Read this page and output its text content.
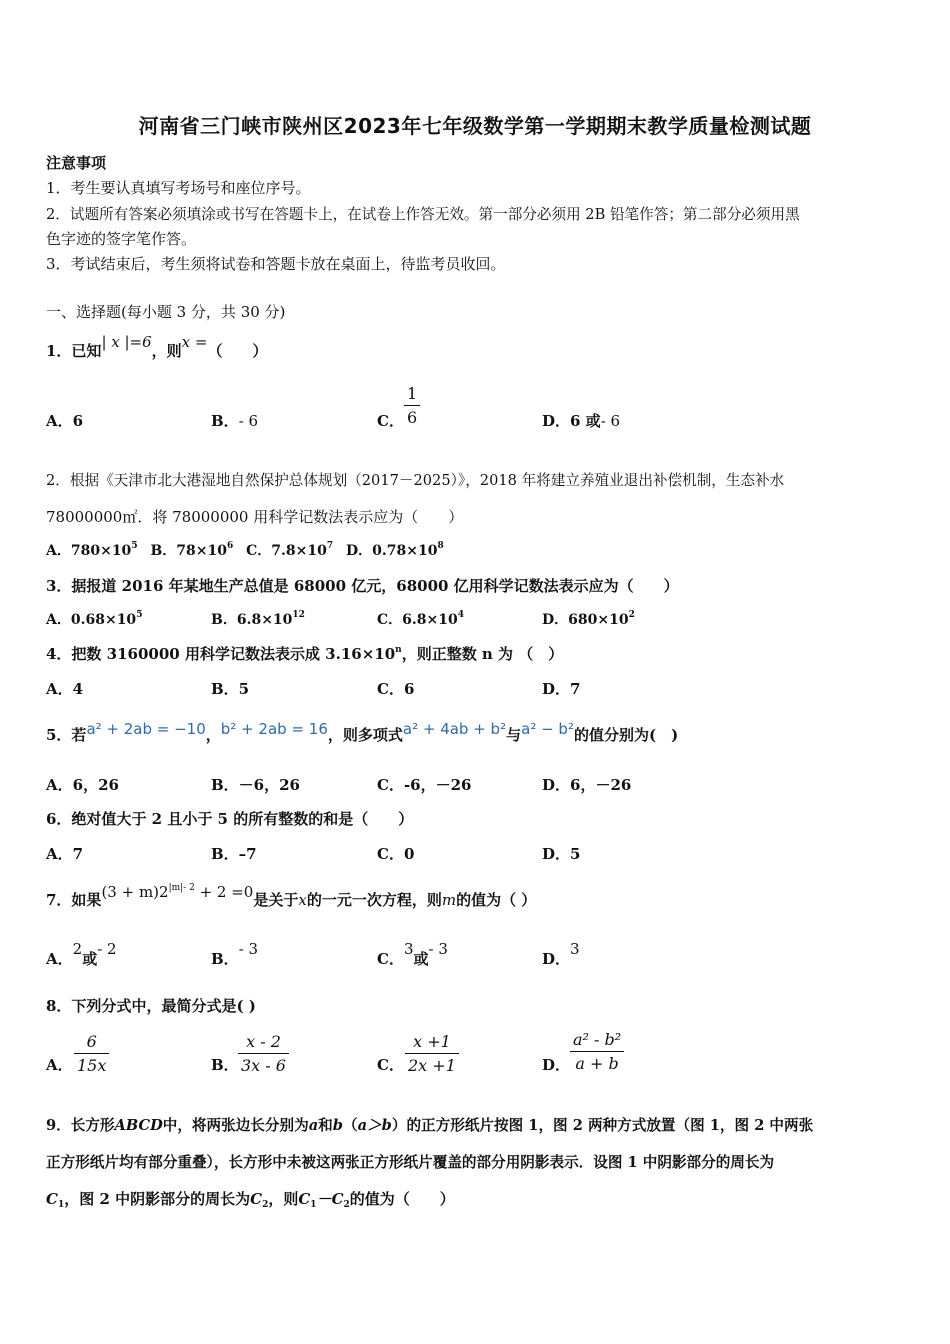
河南省三门峡市陕州区2023年七年级数学第一学期期末教学质量检测试题
注意事项
1．考生要认真填写考场号和座位序号。
2．试题所有答案必须填涂或书写在答题卡上，在试卷上作答无效。第一部分必须用 2B 铅笔作答；第二部分必须用黑
色字迹的签字笔作答。
3．考试结束后，考生须将试卷和答题卡放在桌面上，待监考员收回。
一、选择题(每小题 3 分，共 30 分)
1．已知| x |=6，则x =（　　）
A．6	B．- 6	C． $\frac{1}{6}$	D．6 或- 6
2．根据《天津市北大港湿地自然保护总体规划（2017－2025）》，2018 年将建立养殖业退出补偿机制，生态补水
78000000㎡．将 78000000 用科学记数法表示应为（　　）
A．$780\times 10^5$ B．$78\times 10^6$ C．$7.8\times 10^7$ D．$0.78\times 10^8$
3．据报道 2016 年某地生产总值是 68000 亿元，68000 亿用科学记数法表示应为（　　）
A．$0.68\times 10^5$	B．$6.8\times 10^{12}$	C．$6.8\times 10^4$	D．$680\times 10^2$
4．把数 3160000 用科学记数法表示成 $3.16\times 10^n$，则正整数 n 为 （　）
A．4	B．5	C．6	D．7
5．若a² + 2ab = −10，b² + 2ab = 16，则多项式a² + 4ab + b²与a² − b²的值分别为(　)
A．6，26	B．－6，26	C．-6，－26	D．6，－26
6．绝对值大于 2 且小于 5 的所有整数的和是（　　）
A．7	B．–7	C．0	D．5
7．如果$(3 + m)2^{|m|- 2} + 2 =0$是关于x的一元一次方程，则m的值为（ ）
A．2或- 2
B．- 3
C．3或- 3
D．3
8．下列分式中，最简分式是( )
A． $\frac{6}{15x}$	B． $\frac{x - 2}{3x - 6}$	C． $\frac{x +1}{2x +1}$	D． $\frac{\text{a² - b²}}{a + b}$
9．长方形ABCD中，将两张边长分别为a和b（a＞b）的正方形纸片按图 1，图 2 两种方式放置（图 1，图 2 中两张
正方形纸片均有部分重叠），长方形中未被这两张正方形纸片覆盖的部分用阴影表示．设图 1 中阴影部分的周长为
$C_1$，图 2 中阴影部分的周长为$C_2$，则$C_1-C_2$的值为（　　）
